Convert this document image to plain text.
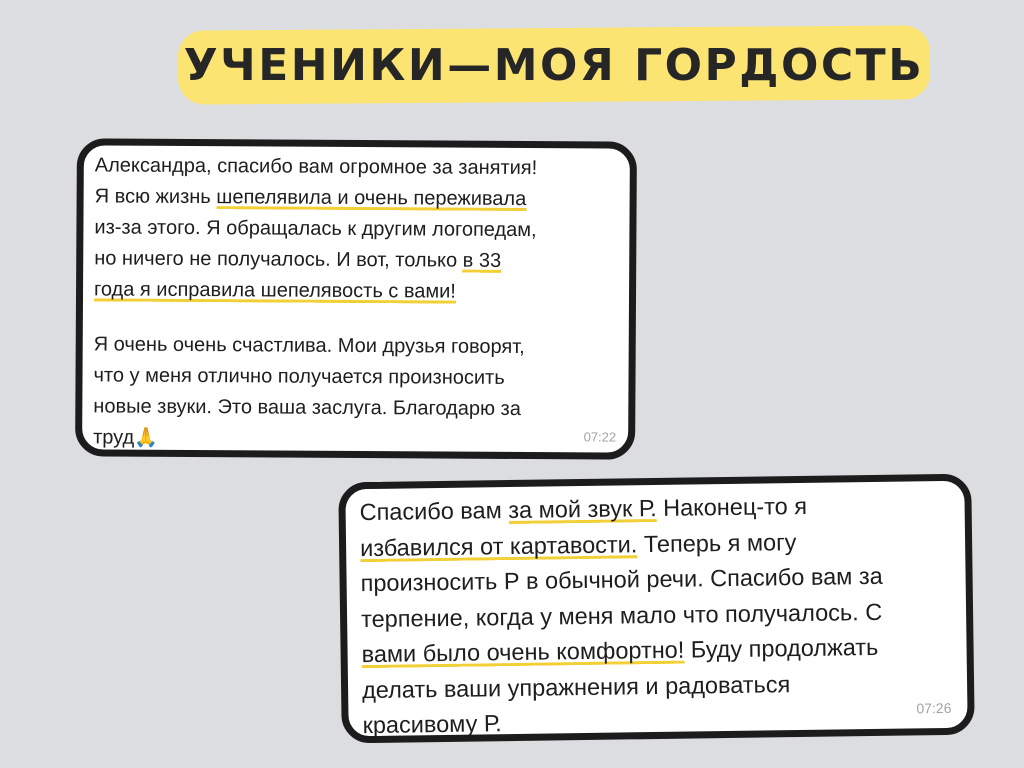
УЧЕНИКИ—МОЯ ГОРДОСТЬ
Александра, спасибо вам огромное за занятия!
Я всю жизнь шепелявила и очень переживала
из-за этого. Я обращалась к другим логопедам,
но ничего не получалось. И вот, только в 33
года я исправила шепелявость с вами!
Я очень очень счастлива. Мои друзья говорят,
что у меня отлично получается произносить
новые звуки. Это ваша заслуга. Благодарю за
труд🙏	07:22
Спасибо вам за мой звук Р. Наконец-то я
избавился от картавости. Теперь я могу
произносить Р в обычной речи. Спасибо вам за
терпение, когда у меня мало что получалось. С
вами было очень комфортно! Буду продолжать
делать ваши упражнения и радоваться
красивому Р.
07:26
